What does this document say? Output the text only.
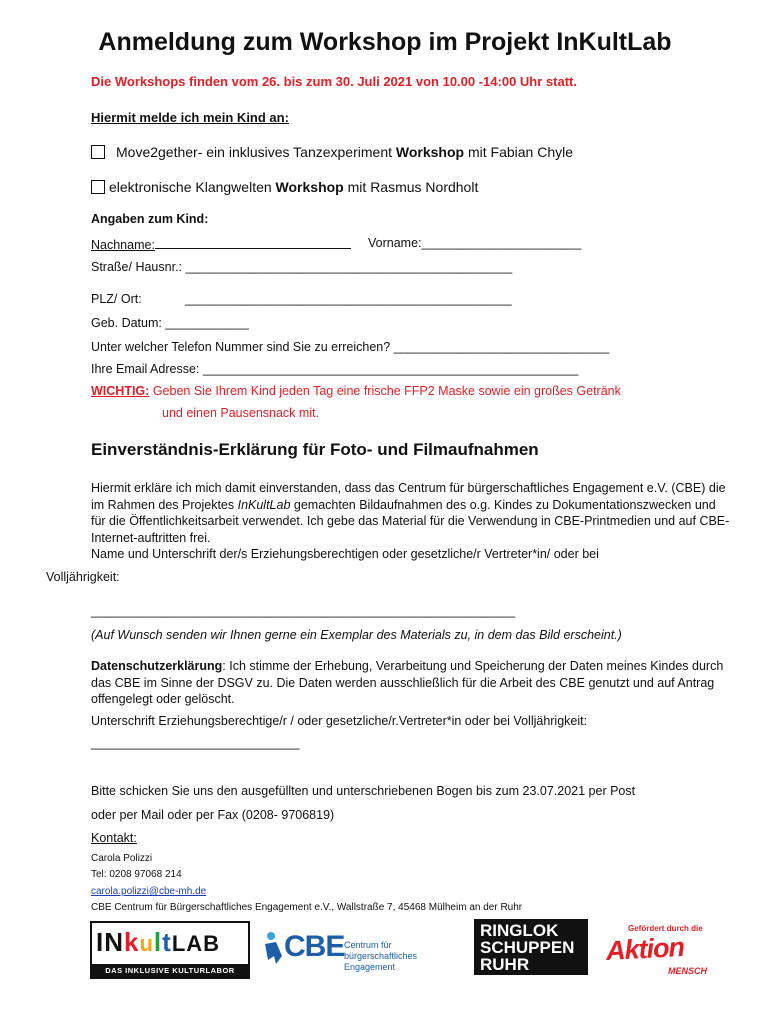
Anmeldung zum Workshop im Projekt InKultLab
Die Workshops finden vom 26. bis zum 30. Juli 2021 von 10.00 -14:00 Uhr statt.
Hiermit melde ich mein Kind an:
Move2gether- ein inklusives Tanzexperiment Workshop mit Fabian Chyle
elektronische Klangwelten Workshop mit Rasmus Nordholt
Angaben zum Kind:
Nachname:	Vorname:_______________________
Straße/ Hausnr.: _______________________________________________
PLZ/ Ort:	_______________________________________________
Geb. Datum: ____________
Unter welcher Telefon Nummer sind Sie zu erreichen? _______________________________
Ihre Email Adresse: ______________________________________________________
WICHTIG: Geben Sie Ihrem Kind jeden Tag eine frische FFP2 Maske sowie ein großes Getränk
und einen Pausensnack mit.
Einverständnis-Erklärung für Foto- und Filmaufnahmen
Hiermit erkläre ich mich damit einverstanden, dass das Centrum für bürgerschaftliches Engagement e.V. (CBE) die im Rahmen des Projektes InKultLab gemachten Bildaufnahmen des o.g. Kindes zu Dokumentationszwecken und für die Öffentlichkeitsarbeit verwendet. Ich gebe das Material für die Verwendung in CBE-Printmedien und auf CBE-Internet-auftritten frei.
Name und Unterschrift der/s Erziehungsberechtigen oder gesetzliche/r Vertreter*in/ oder bei
Volljährigkeit:
_____________________________________________________________
(Auf Wunsch senden wir Ihnen gerne ein Exemplar des Materials zu, in dem das Bild erscheint.)
Datenschutzerklärung: Ich stimme der Erhebung, Verarbeitung und Speicherung der Daten meines Kindes durch das CBE im Sinne der DSGV zu. Die Daten werden ausschließlich für die Arbeit des CBE genutzt und auf Antrag offengelegt oder gelöscht.
Unterschrift Erziehungsberechtige/r / oder gesetzliche/r.Vertreter*in oder bei Volljährigkeit:
______________________________
Bitte schicken Sie uns den ausgefüllten und unterschriebenen Bogen bis zum 23.07.2021 per Post
oder per Mail oder per Fax (0208- 9706819)
Kontakt:
Carola Polizzi
Tel: 0208 97068 214
carola.polizzi@cbe-mh.de
CBE Centrum für Bürgerschaftliches Engagement e.V., Wallstraße 7, 45468 Mülheim an der Ruhr
INkultLAB
DAS INKLUSIVE KULTURLABOR
CBE Centrum für
bürgerschaftliches Engagement
RINGLOK
SCHUPPEN
RUHR
Gefördert durch die
Aktion
MENSCH
